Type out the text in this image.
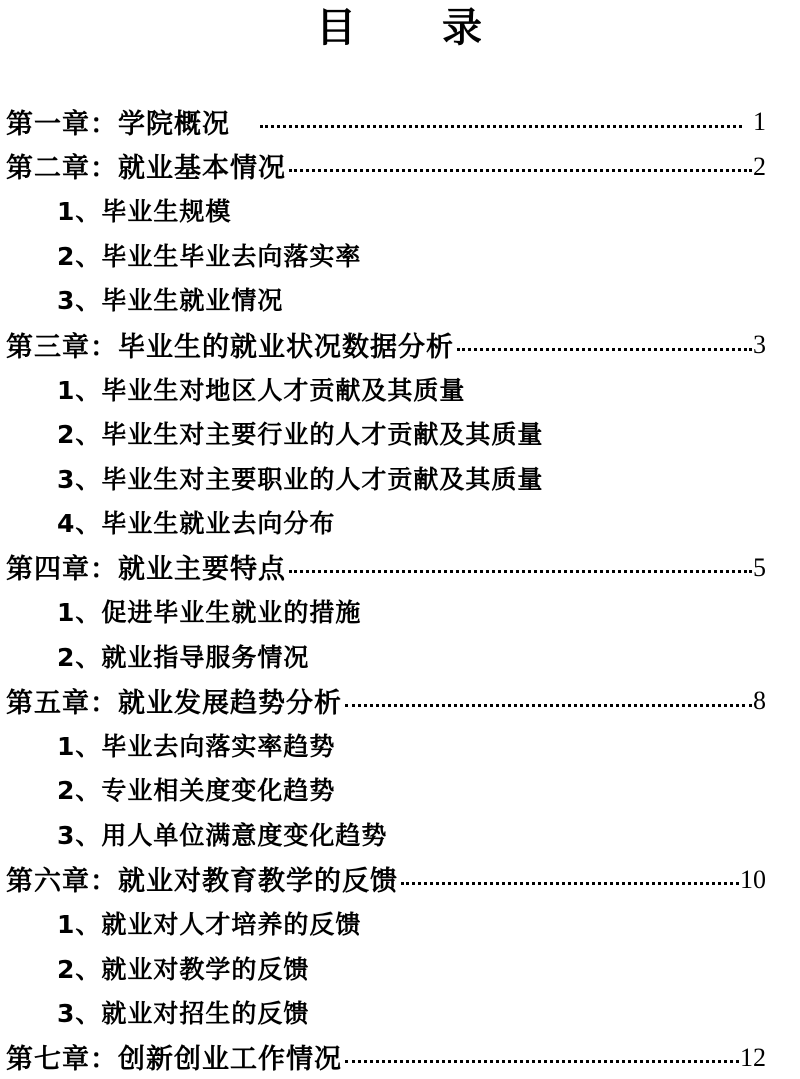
目　　录
第一章：学院概况	1
第二章：就业基本情况	2
1、毕业生规模
2、毕业生毕业去向落实率
3、毕业生就业情况
第三章：毕业生的就业状况数据分析	3
1、毕业生对地区人才贡献及其质量
2、毕业生对主要行业的人才贡献及其质量
3、毕业生对主要职业的人才贡献及其质量
4、毕业生就业去向分布
第四章：就业主要特点	5
1、促进毕业生就业的措施
2、就业指导服务情况
第五章：就业发展趋势分析	8
1、毕业去向落实率趋势
2、专业相关度变化趋势
3、用人单位满意度变化趋势
第六章：就业对教育教学的反馈	10
1、就业对人才培养的反馈
2、就业对教学的反馈
3、就业对招生的反馈
第七章：创新创业工作情况	12
